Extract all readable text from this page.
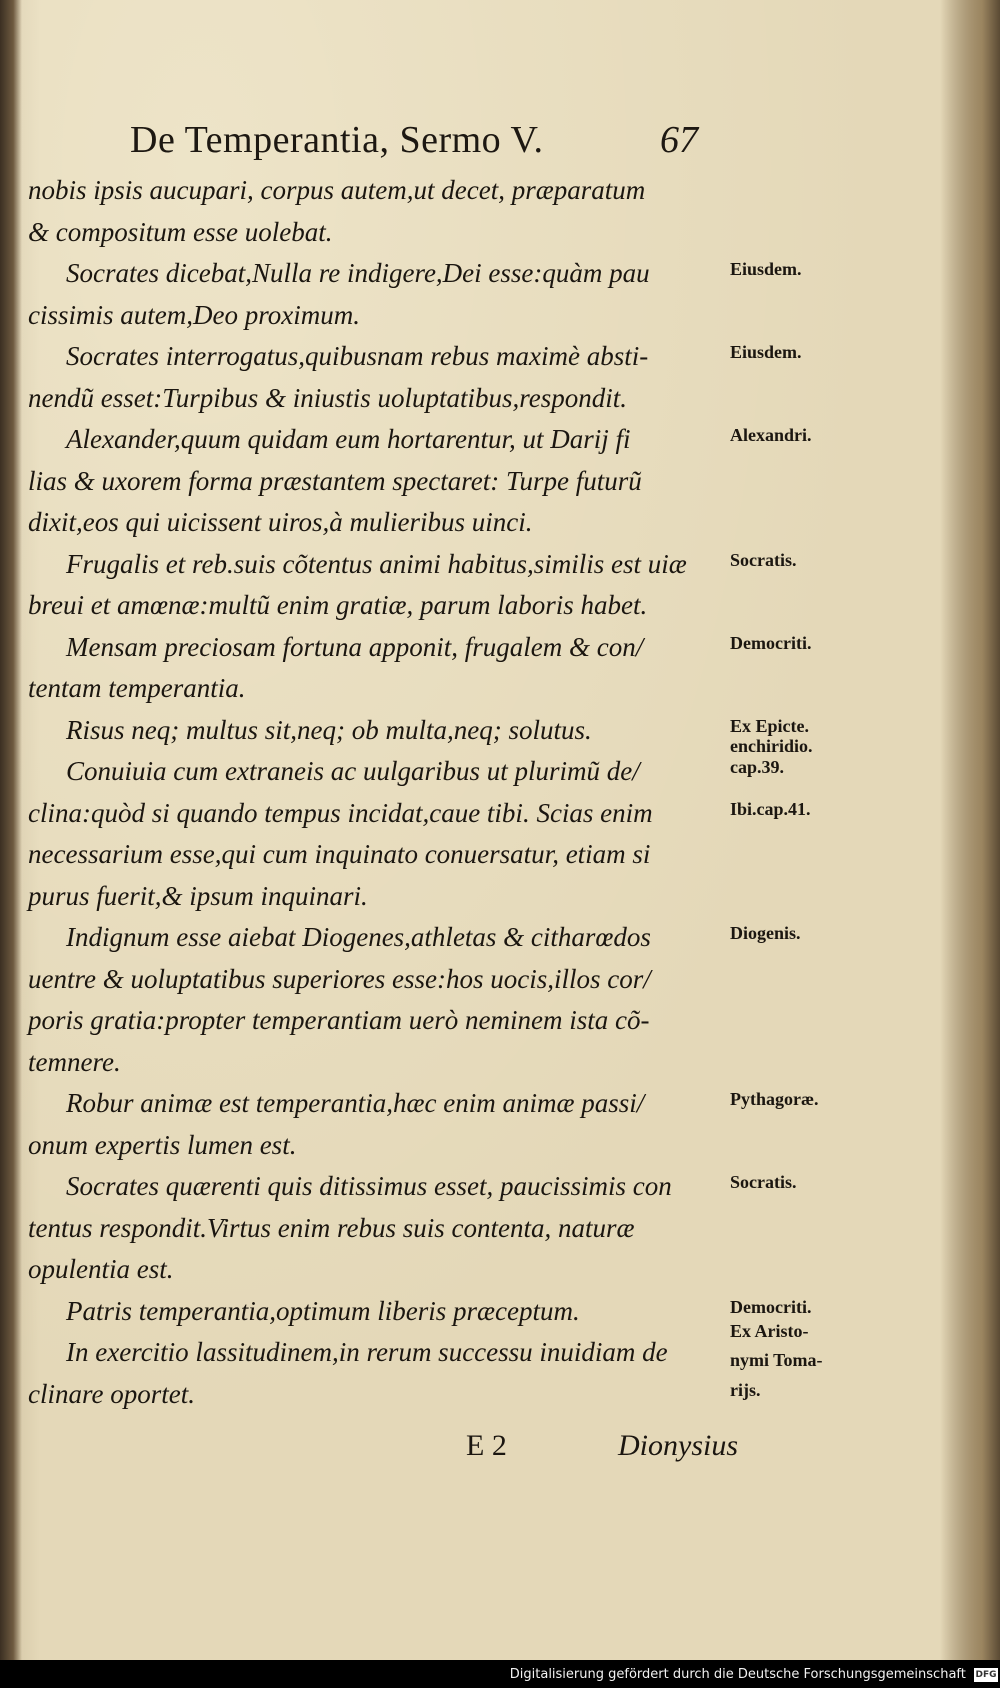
De Temperantia, Sermo V.	67
nobis ipsis aucupari, corpus autem,ut decet, præparatum
& compositum esse uolebat.
Socrates dicebat,Nulla re indigere,Dei esse:quàm pau
cissimis autem,Deo proximum.
Socrates interrogatus,quibusnam rebus maximè absti-
nendũ esset:Turpibus & iniustis uoluptatibus,respondit.
Alexander,quum quidam eum hortarentur, ut Darij fi
lias & uxorem forma præstantem spectaret: Turpe futurũ
dixit,eos qui uicissent uiros,à mulieribus uinci.
Frugalis et reb.suis cõtentus animi habitus,similis est uiæ
breui et amœnæ:multũ enim gratiæ, parum laboris habet.
Mensam preciosam fortuna apponit, frugalem & con/
tentam temperantia.
Risus neq; multus sit,neq; ob multa,neq; solutus.
Conuiuia cum extraneis ac uulgaribus ut plurimũ de/
clina:quòd si quando tempus incidat,caue tibi. Scias enim
necessarium esse,qui cum inquinato conuersatur, etiam si
purus fuerit,& ipsum inquinari.
Indignum esse aiebat Diogenes,athletas & citharœdos
uentre & uoluptatibus superiores esse:hos uocis,illos cor/
poris gratia:propter temperantiam uerò neminem ista cõ-
temnere.
Robur animæ est temperantia,hæc enim animæ passi/
onum expertis lumen est.
Socrates quærenti quis ditissimus esset, paucissimis con
tentus respondit.Virtus enim rebus suis contenta, naturæ
opulentia est.
Patris temperantia,optimum liberis præceptum.
In exercitio lassitudinem,in rerum successu inuidiam de
clinare oportet.
Eiusdem.
Eiusdem.
Alexandri.
Socratis.
Democriti.
Ex Epicte.
enchiridio.
cap.39.
Ibi.cap.41.
Diogenis.
Pythagoræ.
Socratis.
Democriti.
Ex Aristo-
nymi Toma-
rijs.
E 2	Dionysius
Digitalisierung gefördert durch die Deutsche Forschungsgemeinschaft DFG
